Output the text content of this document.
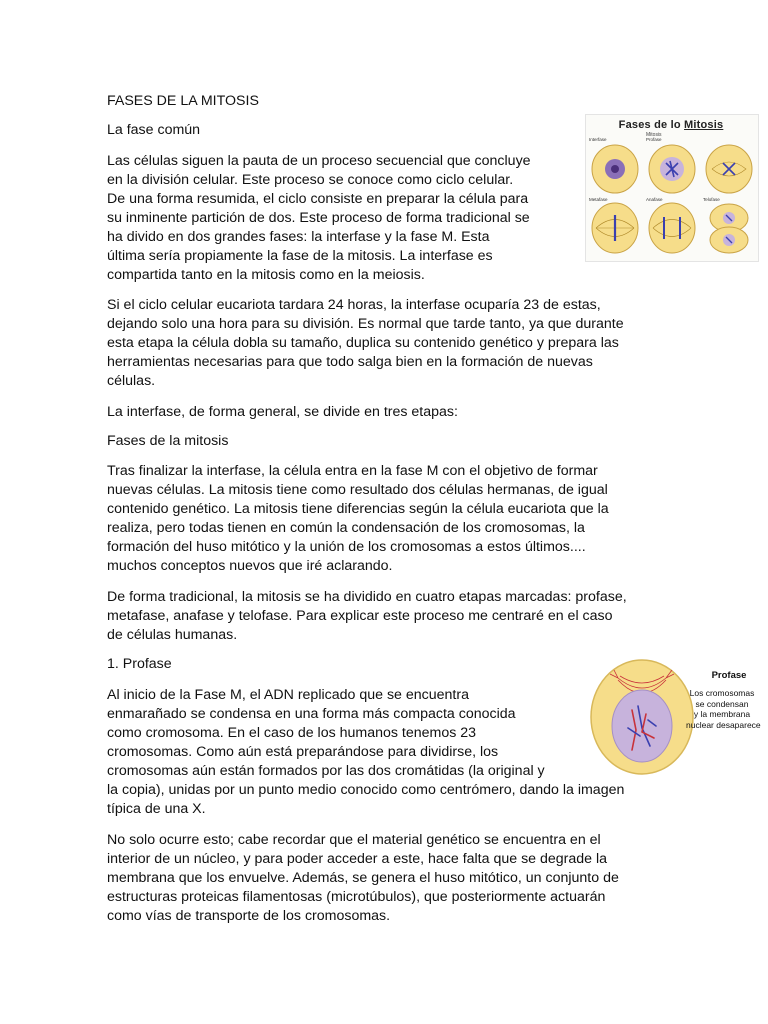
FASES DE LA MITOSIS

La fase común

Las células siguen la pauta de un proceso secuencial que concluye
en la división celular. Este proceso se conoce como ciclo celular.
De una forma resumida, el ciclo consiste en preparar la célula para
su inminente partición de dos. Este proceso de forma tradicional se
ha divido en dos grandes fases: la interfase y la fase M. Esta
última sería propiamente la fase de la mitosis. La interfase es
compartida tanto en la mitosis como en la meiosis.

Si el ciclo celular eucariota tardara 24 horas, la interfase ocuparía 23 de estas,
dejando solo una hora para su división. Es normal que tarde tanto, ya que durante
esta etapa la célula dobla su tamaño, duplica su contenido genético y prepara las
herramientas necesarias para que todo salga bien en la formación de nuevas
células.

La interfase, de forma general, se divide en tres etapas:

Fases de la mitosis

Tras finalizar la interfase, la célula entra en la fase M con el objetivo de formar
nuevas células. La mitosis tiene como resultado dos células hermanas, de igual
contenido genético. La mitosis tiene diferencias según la célula eucariota que la
realiza, pero todas tienen en común la condensación de los cromosomas, la
formación del huso mitótico y la unión de los cromosomas a estos últimos....
muchos conceptos nuevos que iré aclarando.

De forma tradicional, la mitosis se ha dividido en cuatro etapas marcadas: profase,
metafase, anafase y telofase. Para explicar este proceso me centraré en el caso
de células humanas.

1. Profase

Al inicio de la Fase M, el ADN replicado que se encuentra
enmarañado se condensa en una forma más compacta conocida
como cromosoma. En el caso de los humanos tenemos 23
cromosomas. Como aún está preparándose para dividirse, los
cromosomas aún están formados por las dos cromátidas (la original y
la copia), unidas por un punto medio conocido como centrómero, dando la imagen
típica de una X.

No solo ocurre esto; cabe recordar que el material genético se encuentra en el
interior de un núcleo, y para poder acceder a este, hace falta que se degrade la
membrana que los envuelve. Además, se genera el huso mitótico, un conjunto de
estructuras proteicas filamentosas (microtúbulos), que posteriormente actuarán
como vías de transporte de los cromosomas.

Fases de lo Mitosis
Mitosis
Interfase	Profase
Metafase	Anafase	Telofase
Profase
Los cromosomas
se condensan
y la membrana
nuclear desaparece
